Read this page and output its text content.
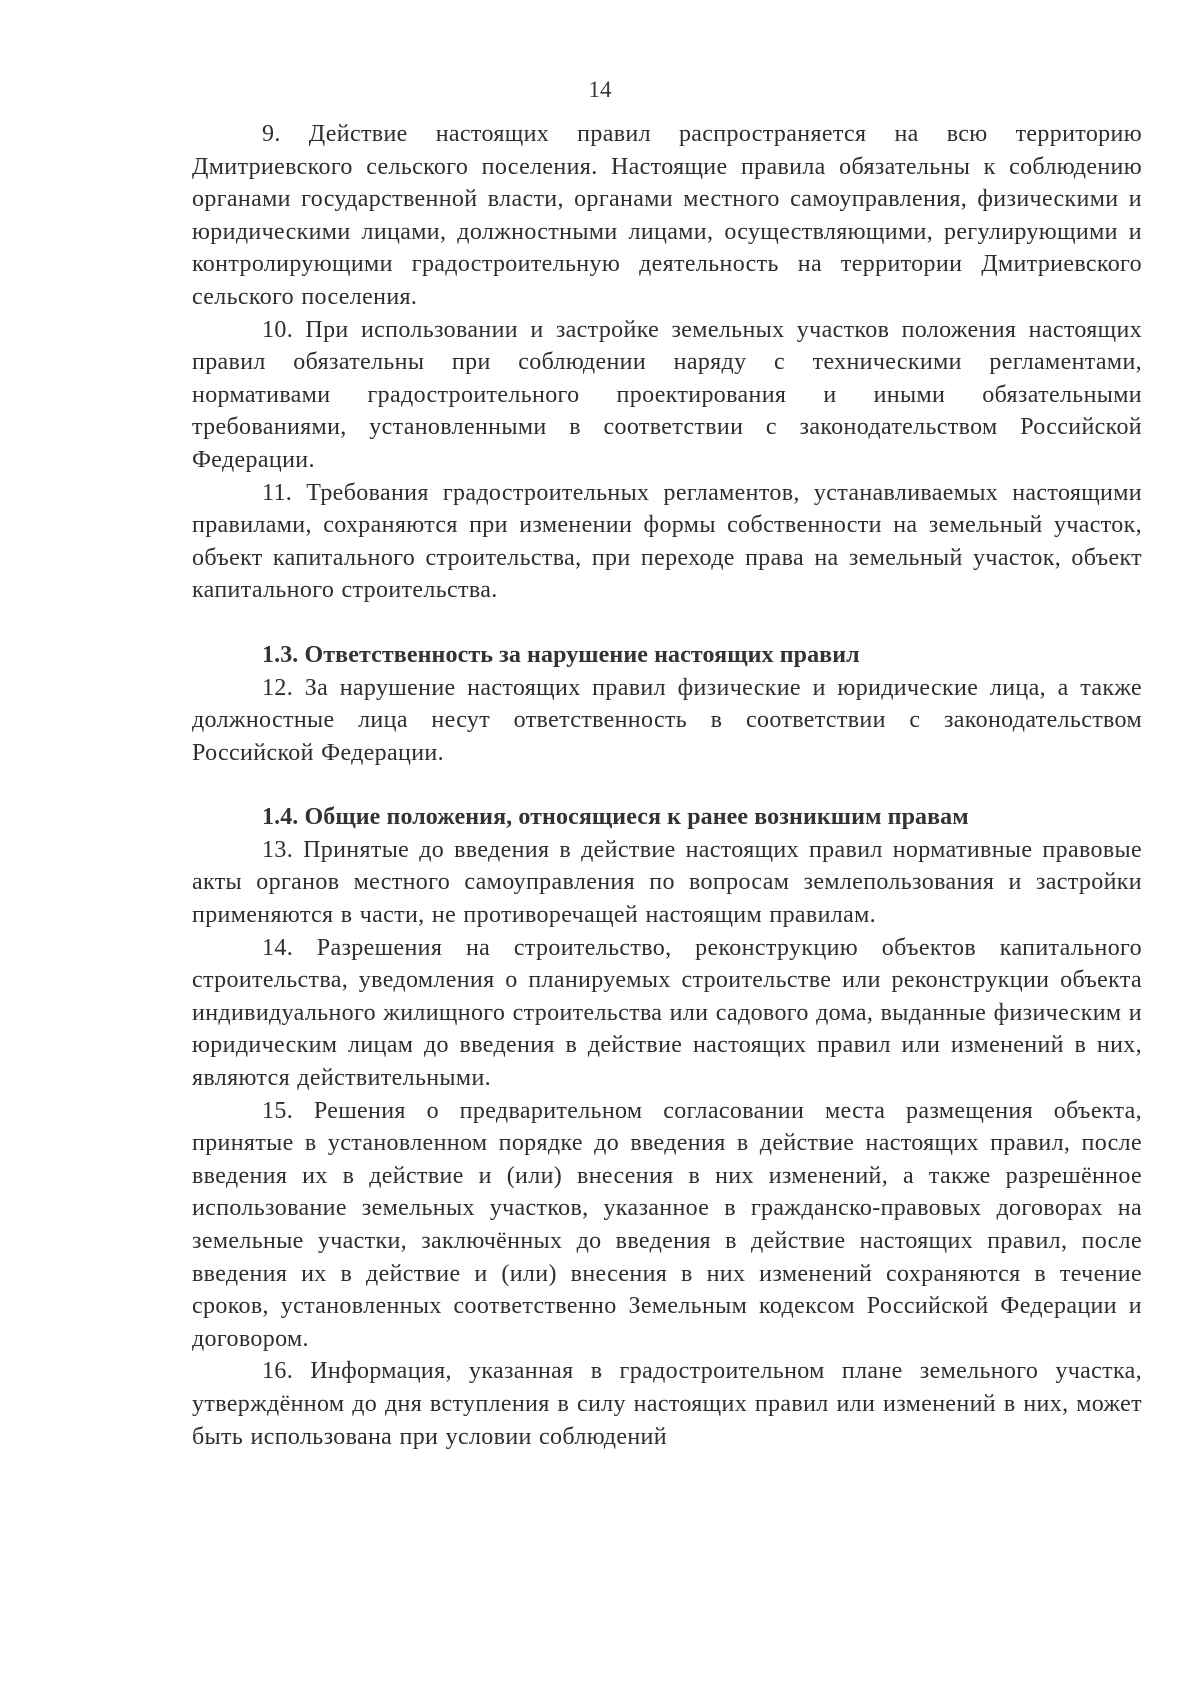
14

9. Действие настоящих правил распространяется на всю территорию Дмитриевского сельского поселения. Настоящие правила обязательны к соблюдению органами государственной власти, органами местного самоуправления, физическими и юридическими лицами, должностными лицами, осуществляющими, регулирующими и контролирующими градостроительную деятельность на территории Дмитриевского сельского поселения.

10. При использовании и застройке земельных участков положения настоящих правил обязательны при соблюдении наряду с техническими регламентами, нормативами градостроительного проектирования и иными обязательными требованиями, установленными в соответствии с законодательством Российской Федерации.

11. Требования градостроительных регламентов, устанавливаемых настоящими правилами, сохраняются при изменении формы собственности на земельный участок, объект капитального строительства, при переходе права на земельный участок, объект капитального строительства.

1.3. Ответственность за нарушение настоящих правил

12. За нарушение настоящих правил физические и юридические лица, а также должностные лица несут ответственность в соответствии с законодательством Российской Федерации.

1.4. Общие положения, относящиеся к ранее возникшим правам

13. Принятые до введения в действие настоящих правил нормативные правовые акты органов местного самоуправления по вопросам землепользования и застройки применяются в части, не противоречащей настоящим правилам.

14. Разрешения на строительство, реконструкцию объектов капитального строительства, уведомления о планируемых строительстве или реконструкции объекта индивидуального жилищного строительства или садового дома, выданные физическим и юридическим лицам до введения в действие настоящих правил или изменений в них, являются действительными.

15. Решения о предварительном согласовании места размещения объекта, принятые в установленном порядке до введения в действие настоящих правил, после введения их в действие и (или) внесения в них изменений, а также разрешённое использование земельных участков, указанное в гражданско-правовых договорах на земельные участки, заключённых до введения в действие настоящих правил, после введения их в действие и (или) внесения в них изменений сохраняются в течение сроков, установленных соответственно Земельным кодексом Российской Федерации и договором.

16. Информация, указанная в градостроительном плане земельного участка, утверждённом до дня вступления в силу настоящих правил или изменений в них, может быть использована при условии соблюдений
